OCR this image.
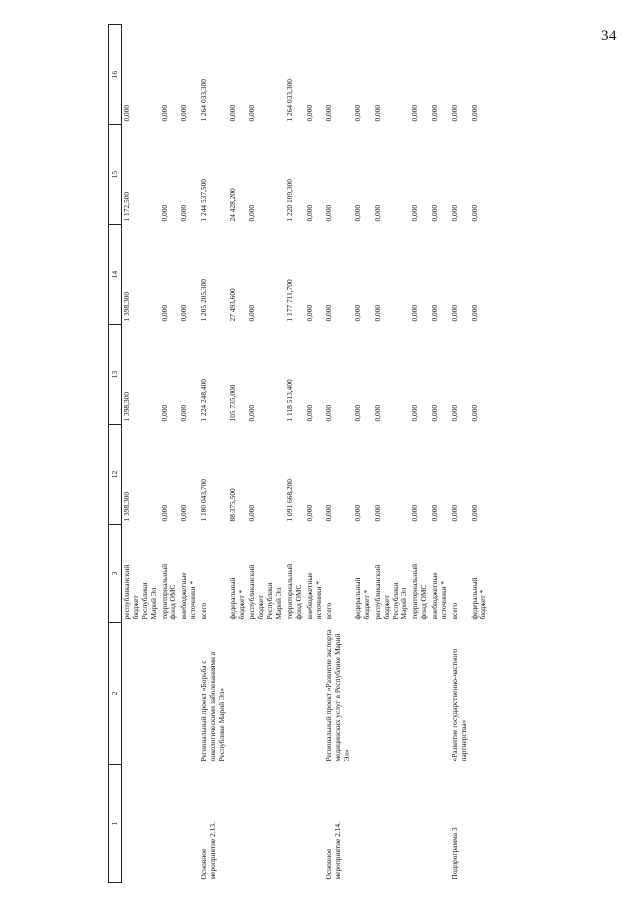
34
1	2	3	12	13	14	15	16
		республиканский
бюджет
Республики
Марий Эл	1 398,300	1 398,300	1 398,300	1 172,500	0,000
		территориальный
фонд ОМС	0,000	0,000	0,000	0,000	0,000
		внебюджетные
источники *	0,000	0,000	0,000	0,000	0,000
Основное
мероприятие 2.13.	Региональный проект «Борьба с онкологическими заболеваниями в Республике Марий Эл»	всего	1 180 043,700	1 224 248,400	1 205 205,300	1 244 537,500	1 264 033,300
		федеральный
бюджет *	88 375,500	105 735,000	27 493,600	24 428,200	0,000
		республиканский
бюджет
Республики
Марий Эл	0,000	0,000	0,000	0,000	0,000
		территориальный
фонд ОМС	1 091 668,200	1 118 513,400	1 177 711,700	1 220 109,300	1 264 033,300
		внебюджетные
источники *	0,000	0,000	0,000	0,000	0,000
Основное
мероприятие 2.14.	Региональный проект «Развитие экспорта медицинских услуг в Республике Марий Эл»	всего	0,000	0,000	0,000	0,000	0,000
		федеральный
бюджет *	0,000	0,000	0,000	0,000	0,000
		республиканский
бюджет
Республики
Марий Эл	0,000	0,000	0,000	0,000	0,000
		территориальный
фонд ОМС	0,000	0,000	0,000	0,000	0,000
		внебюджетные
источники *	0,000	0,000	0,000	0,000	0,000
Подпрограмма 3	«Развитие государственно-частного партнерства»	всего	0,000	0,000	0,000	0,000	0,000
		федеральный
бюджет *	0,000	0,000	0,000	0,000	0,000
